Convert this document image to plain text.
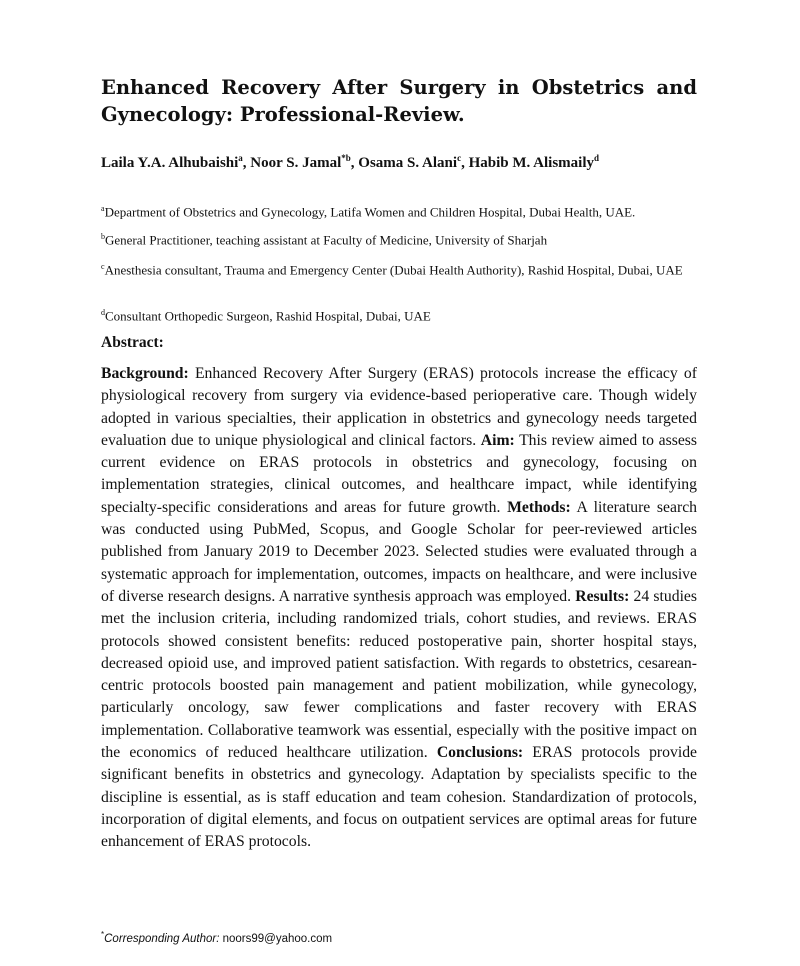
Enhanced Recovery After Surgery in Obstetrics and Gynecology: Professional-Review.

Laila Y.A. Alhubaishi$^a$, Noor S. Jamal$^{*b}$, Osama S. Alani$^c$, Habib M. Alismaily$^d$

$^a$Department of Obstetrics and Gynecology, Latifa Women and Children Hospital, Dubai Health, UAE.

$^b$General Practitioner, teaching assistant at Faculty of Medicine, University of Sharjah

$^c$Anesthesia consultant, Trauma and Emergency Center (Dubai Health Authority), Rashid Hospital, Dubai, UAE

$^d$Consultant Orthopedic Surgeon, Rashid Hospital, Dubai, UAE

Abstract:

Background: Enhanced Recovery After Surgery (ERAS) protocols increase the efficacy of physiological recovery from surgery via evidence-based perioperative care. Though widely adopted in various specialties, their application in obstetrics and gynecology needs targeted evaluation due to unique physiological and clinical factors. Aim: This review aimed to assess current evidence on ERAS protocols in obstetrics and gynecology, focusing on implementation strategies, clinical outcomes, and healthcare impact, while identifying specialty-specific considerations and areas for future growth. Methods: A literature search was conducted using PubMed, Scopus, and Google Scholar for peer-reviewed articles published from January 2019 to December 2023. Selected studies were evaluated through a systematic approach for implementation, outcomes, impacts on healthcare, and were inclusive of diverse research designs. A narrative synthesis approach was employed. Results: 24 studies met the inclusion criteria, including randomized trials, cohort studies, and reviews. ERAS protocols showed consistent benefits: reduced postoperative pain, shorter hospital stays, decreased opioid use, and improved patient satisfaction. With regards to obstetrics, cesarean-centric protocols boosted pain management and patient mobilization, while gynecology, particularly oncology, saw fewer complications and faster recovery with ERAS implementation. Collaborative teamwork was essential, especially with the positive impact on the economics of reduced healthcare utilization. Conclusions: ERAS protocols provide significant benefits in obstetrics and gynecology. Adaptation by specialists specific to the discipline is essential, as is staff education and team cohesion. Standardization of protocols, incorporation of digital elements, and focus on outpatient services are optimal areas for future enhancement of ERAS protocols.

*Corresponding Author: noors99@yahoo.com
